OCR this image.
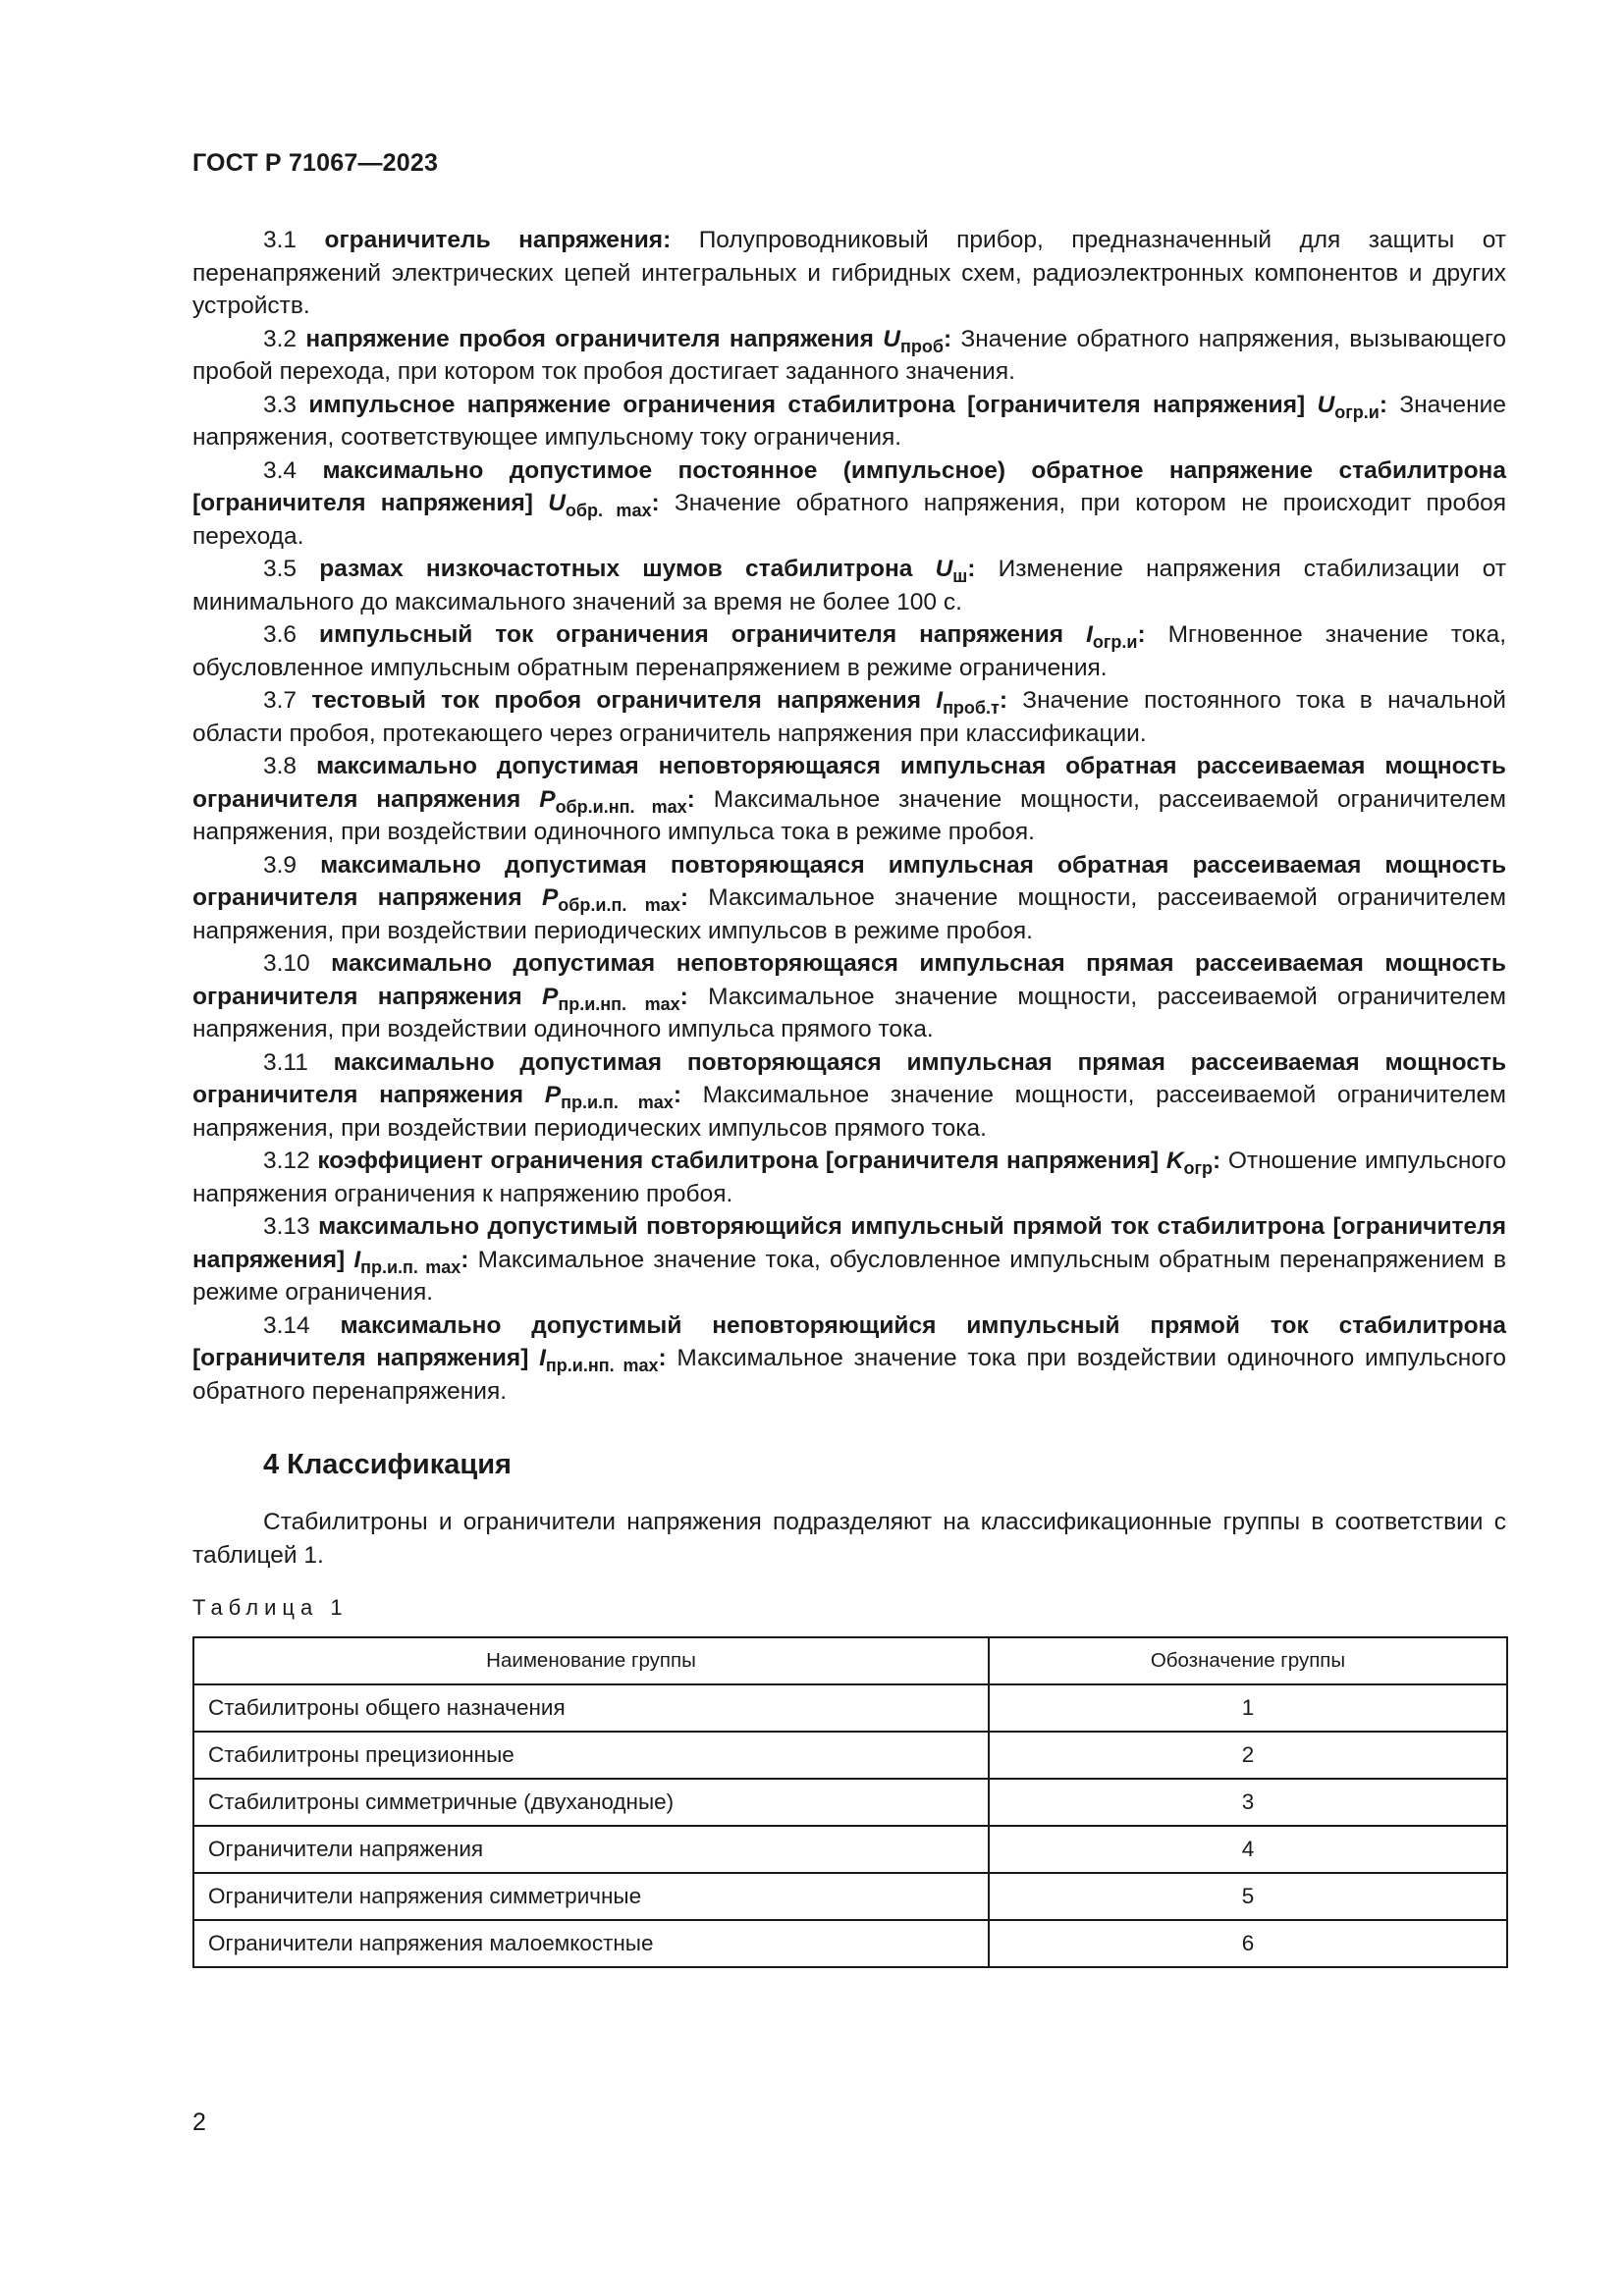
ГОСТ Р 71067—2023

3.1 ограничитель напряжения: Полупроводниковый прибор, предназначенный для защиты от перенапряжений электрических цепей интегральных и гибридных схем, радиоэлектронных компонентов и других устройств.

3.2 напряжение пробоя ограничителя напряжения $U_{проб}$: Значение обратного напряжения, вызывающего пробой перехода, при котором ток пробоя достигает заданного значения.

3.3 импульсное напряжение ограничения стабилитрона [ограничителя напряжения] $U_{огр.и}$: Значение напряжения, соответствующее импульсному току ограничения.

3.4 максимально допустимое постоянное (импульсное) обратное напряжение стабилитрона [ограничителя напряжения] $U_{обр. max}$: Значение обратного напряжения, при котором не происходит пробоя перехода.

3.5 размах низкочастотных шумов стабилитрона $U_ш$: Изменение напряжения стабилизации от минимального до максимального значений за время не более 100 с.

3.6 импульсный ток ограничения ограничителя напряжения $I_{огр.и}$: Мгновенное значение тока, обусловленное импульсным обратным перенапряжением в режиме ограничения.

3.7 тестовый ток пробоя ограничителя напряжения $I_{проб.т}$: Значение постоянного тока в начальной области пробоя, протекающего через ограничитель напряжения при классификации.

3.8 максимально допустимая неповторяющаяся импульсная обратная рассеиваемая мощность ограничителя напряжения $P_{обр.и.нп. max}$: Максимальное значение мощности, рассеиваемой ограничителем напряжения, при воздействии одиночного импульса тока в режиме пробоя.

3.9 максимально допустимая повторяющаяся импульсная обратная рассеиваемая мощность ограничителя напряжения $P_{обр.и.п. max}$: Максимальное значение мощности, рассеиваемой ограничителем напряжения, при воздействии периодических импульсов в режиме пробоя.

3.10 максимально допустимая неповторяющаяся импульсная прямая рассеиваемая мощность ограничителя напряжения $P_{пр.и.нп. max}$: Максимальное значение мощности, рассеиваемой ограничителем напряжения, при воздействии одиночного импульса прямого тока.

3.11 максимально допустимая повторяющаяся импульсная прямая рассеиваемая мощность ограничителя напряжения $P_{пр.и.п. max}$: Максимальное значение мощности, рассеиваемой ограничителем напряжения, при воздействии периодических импульсов прямого тока.

3.12 коэффициент ограничения стабилитрона [ограничителя напряжения] $K_{огр}$: Отношение импульсного напряжения ограничения к напряжению пробоя.

3.13 максимально допустимый повторяющийся импульсный прямой ток стабилитрона [ограничителя напряжения] $I_{пр.и.п. max}$: Максимальное значение тока, обусловленное импульсным обратным перенапряжением в режиме ограничения.

3.14 максимально допустимый неповторяющийся импульсный прямой ток стабилитрона [ограничителя напряжения] $I_{пр.и.нп. max}$: Максимальное значение тока при воздействии одиночного импульсного обратного перенапряжения.

4 Классификация

Стабилитроны и ограничители напряжения подразделяют на классификационные группы в соответствии с таблицей 1.

Таблица 1
Наименование группы	Обозначение группы
Стабилитроны общего назначения	1
Стабилитроны прецизионные	2
Стабилитроны симметричные (двуханодные)	3
Ограничители напряжения	4
Ограничители напряжения симметричные	5
Ограничители напряжения малоемкостные	6
2
